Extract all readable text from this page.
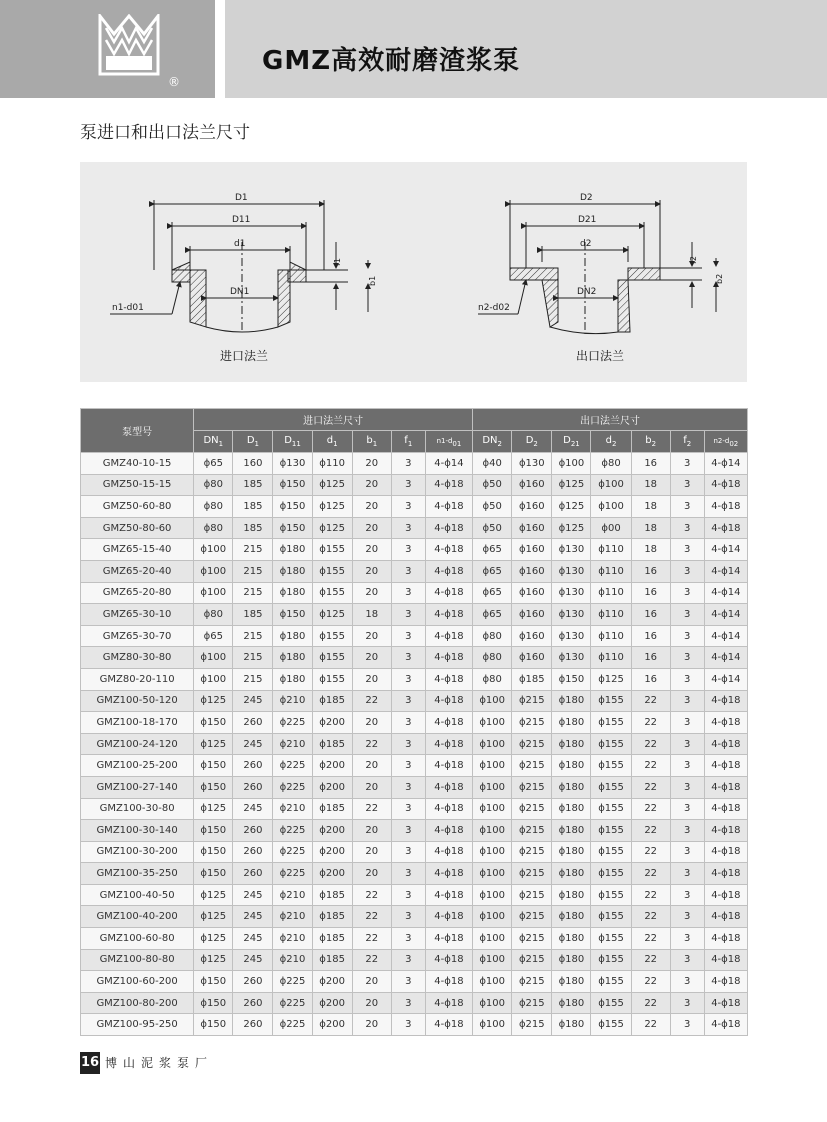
博岳	®
GMZ高效耐磨渣浆泵
泵进口和出口法兰尺寸
D1
D11
d1
DN1
n1-d01
f1
b1
进口法兰
D2
D21
d2
DN2
n2-d02
f2
b2
出口法兰
泵型号	进口法兰尺寸							出口法兰尺寸						
	$DN_1$	$D_1$	$D_{11}$	$d_1$	$b_1$	$f_1$	$n1-d_{01}$	$DN_2$	$D_2$	$D_{21}$	$d_2$	$b_2$	$f_2$	$n2-d_{02}$
GMZ40-10-15	ϕ65	160	ϕ130	ϕ110	20	3	4-ϕ14	ϕ40	ϕ130	ϕ100	ϕ80	16	3	4-ϕ14
GMZ50-15-15	ϕ80	185	ϕ150	ϕ125	20	3	4-ϕ18	ϕ50	ϕ160	ϕ125	ϕ100	18	3	4-ϕ18
GMZ50-60-80	ϕ80	185	ϕ150	ϕ125	20	3	4-ϕ18	ϕ50	ϕ160	ϕ125	ϕ100	18	3	4-ϕ18
GMZ50-80-60	ϕ80	185	ϕ150	ϕ125	20	3	4-ϕ18	ϕ50	ϕ160	ϕ125	ϕ00	18	3	4-ϕ18
GMZ65-15-40	ϕ100	215	ϕ180	ϕ155	20	3	4-ϕ18	ϕ65	ϕ160	ϕ130	ϕ110	18	3	4-ϕ14
GMZ65-20-40	ϕ100	215	ϕ180	ϕ155	20	3	4-ϕ18	ϕ65	ϕ160	ϕ130	ϕ110	16	3	4-ϕ14
GMZ65-20-80	ϕ100	215	ϕ180	ϕ155	20	3	4-ϕ18	ϕ65	ϕ160	ϕ130	ϕ110	16	3	4-ϕ14
GMZ65-30-10	ϕ80	185	ϕ150	ϕ125	18	3	4-ϕ18	ϕ65	ϕ160	ϕ130	ϕ110	16	3	4-ϕ14
GMZ65-30-70	ϕ65	215	ϕ180	ϕ155	20	3	4-ϕ18	ϕ80	ϕ160	ϕ130	ϕ110	16	3	4-ϕ14
GMZ80-30-80	ϕ100	215	ϕ180	ϕ155	20	3	4-ϕ18	ϕ80	ϕ160	ϕ130	ϕ110	16	3	4-ϕ14
GMZ80-20-110	ϕ100	215	ϕ180	ϕ155	20	3	4-ϕ18	ϕ80	ϕ185	ϕ150	ϕ125	16	3	4-ϕ14
GMZ100-50-120	ϕ125	245	ϕ210	ϕ185	22	3	4-ϕ18	ϕ100	ϕ215	ϕ180	ϕ155	22	3	4-ϕ18
GMZ100-18-170	ϕ150	260	ϕ225	ϕ200	20	3	4-ϕ18	ϕ100	ϕ215	ϕ180	ϕ155	22	3	4-ϕ18
GMZ100-24-120	ϕ125	245	ϕ210	ϕ185	22	3	4-ϕ18	ϕ100	ϕ215	ϕ180	ϕ155	22	3	4-ϕ18
GMZ100-25-200	ϕ150	260	ϕ225	ϕ200	20	3	4-ϕ18	ϕ100	ϕ215	ϕ180	ϕ155	22	3	4-ϕ18
GMZ100-27-140	ϕ150	260	ϕ225	ϕ200	20	3	4-ϕ18	ϕ100	ϕ215	ϕ180	ϕ155	22	3	4-ϕ18
GMZ100-30-80	ϕ125	245	ϕ210	ϕ185	22	3	4-ϕ18	ϕ100	ϕ215	ϕ180	ϕ155	22	3	4-ϕ18
GMZ100-30-140	ϕ150	260	ϕ225	ϕ200	20	3	4-ϕ18	ϕ100	ϕ215	ϕ180	ϕ155	22	3	4-ϕ18
GMZ100-30-200	ϕ150	260	ϕ225	ϕ200	20	3	4-ϕ18	ϕ100	ϕ215	ϕ180	ϕ155	22	3	4-ϕ18
GMZ100-35-250	ϕ150	260	ϕ225	ϕ200	20	3	4-ϕ18	ϕ100	ϕ215	ϕ180	ϕ155	22	3	4-ϕ18
GMZ100-40-50	ϕ125	245	ϕ210	ϕ185	22	3	4-ϕ18	ϕ100	ϕ215	ϕ180	ϕ155	22	3	4-ϕ18
GMZ100-40-200	ϕ125	245	ϕ210	ϕ185	22	3	4-ϕ18	ϕ100	ϕ215	ϕ180	ϕ155	22	3	4-ϕ18
GMZ100-60-80	ϕ125	245	ϕ210	ϕ185	22	3	4-ϕ18	ϕ100	ϕ215	ϕ180	ϕ155	22	3	4-ϕ18
GMZ100-80-80	ϕ125	245	ϕ210	ϕ185	22	3	4-ϕ18	ϕ100	ϕ215	ϕ180	ϕ155	22	3	4-ϕ18
GMZ100-60-200	ϕ150	260	ϕ225	ϕ200	20	3	4-ϕ18	ϕ100	ϕ215	ϕ180	ϕ155	22	3	4-ϕ18
GMZ100-80-200	ϕ150	260	ϕ225	ϕ200	20	3	4-ϕ18	ϕ100	ϕ215	ϕ180	ϕ155	22	3	4-ϕ18
GMZ100-95-250	ϕ150	260	ϕ225	ϕ200	20	3	4-ϕ18	ϕ100	ϕ215	ϕ180	ϕ155	22	3	4-ϕ18
16 博山泥浆泵厂
